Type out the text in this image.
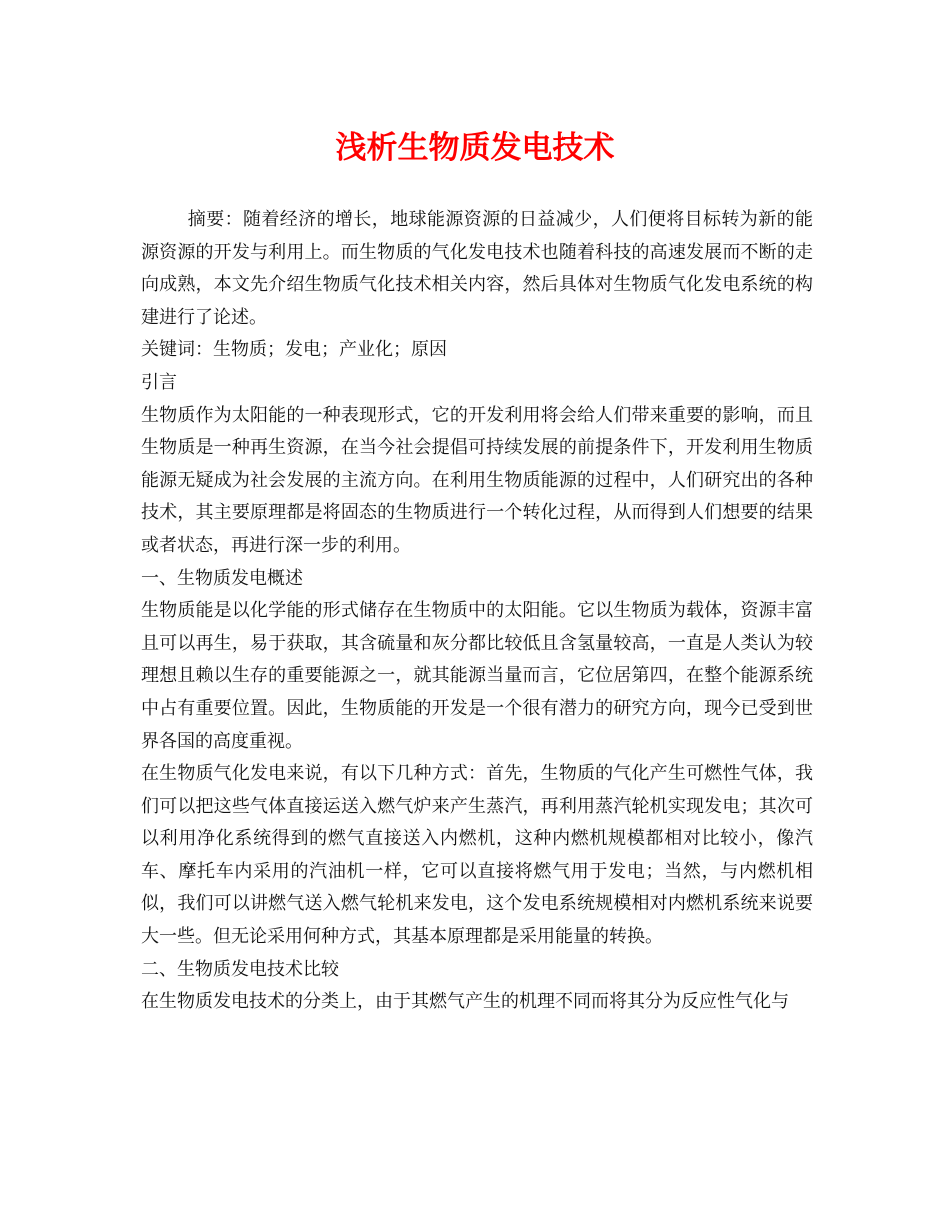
浅析生物质发电技术

摘要：随着经济的增长，地球能源资源的日益减少，人们便将目标转为新的能源资源的开发与利用上。而生物质的气化发电技术也随着科技的高速发展而不断的走向成熟，本文先介绍生物质气化技术相关内容，然后具体对生物质气化发电系统的构建进行了论述。

关键词：生物质；发电；产业化；原因

引言

生物质作为太阳能的一种表现形式，它的开发利用将会给人们带来重要的影响，而且生物质是一种再生资源，在当今社会提倡可持续发展的前提条件下，开发利用生物质能源无疑成为社会发展的主流方向。在利用生物质能源的过程中，人们研究出的各种技术，其主要原理都是将固态的生物质进行一个转化过程，从而得到人们想要的结果或者状态，再进行深一步的利用。

一、生物质发电概述

生物质能是以化学能的形式储存在生物质中的太阳能。它以生物质为载体，资源丰富且可以再生，易于获取，其含硫量和灰分都比较低且含氢量较高，一直是人类认为较理想且赖以生存的重要能源之一，就其能源当量而言，它位居第四，在整个能源系统中占有重要位置。因此，生物质能的开发是一个很有潜力的研究方向，现今已受到世界各国的高度重视。

在生物质气化发电来说，有以下几种方式：首先，生物质的气化产生可燃性气体，我们可以把这些气体直接运送入燃气炉来产生蒸汽，再利用蒸汽轮机实现发电；其次可以利用净化系统得到的燃气直接送入内燃机，这种内燃机规模都相对比较小，像汽车、摩托车内采用的汽油机一样，它可以直接将燃气用于发电；当然，与内燃机相似，我们可以讲燃气送入燃气轮机来发电，这个发电系统规模相对内燃机系统来说要大一些。但无论采用何种方式，其基本原理都是采用能量的转换。

二、生物质发电技术比较

在生物质发电技术的分类上，由于其燃气产生的机理不同而将其分为反应性气化与
